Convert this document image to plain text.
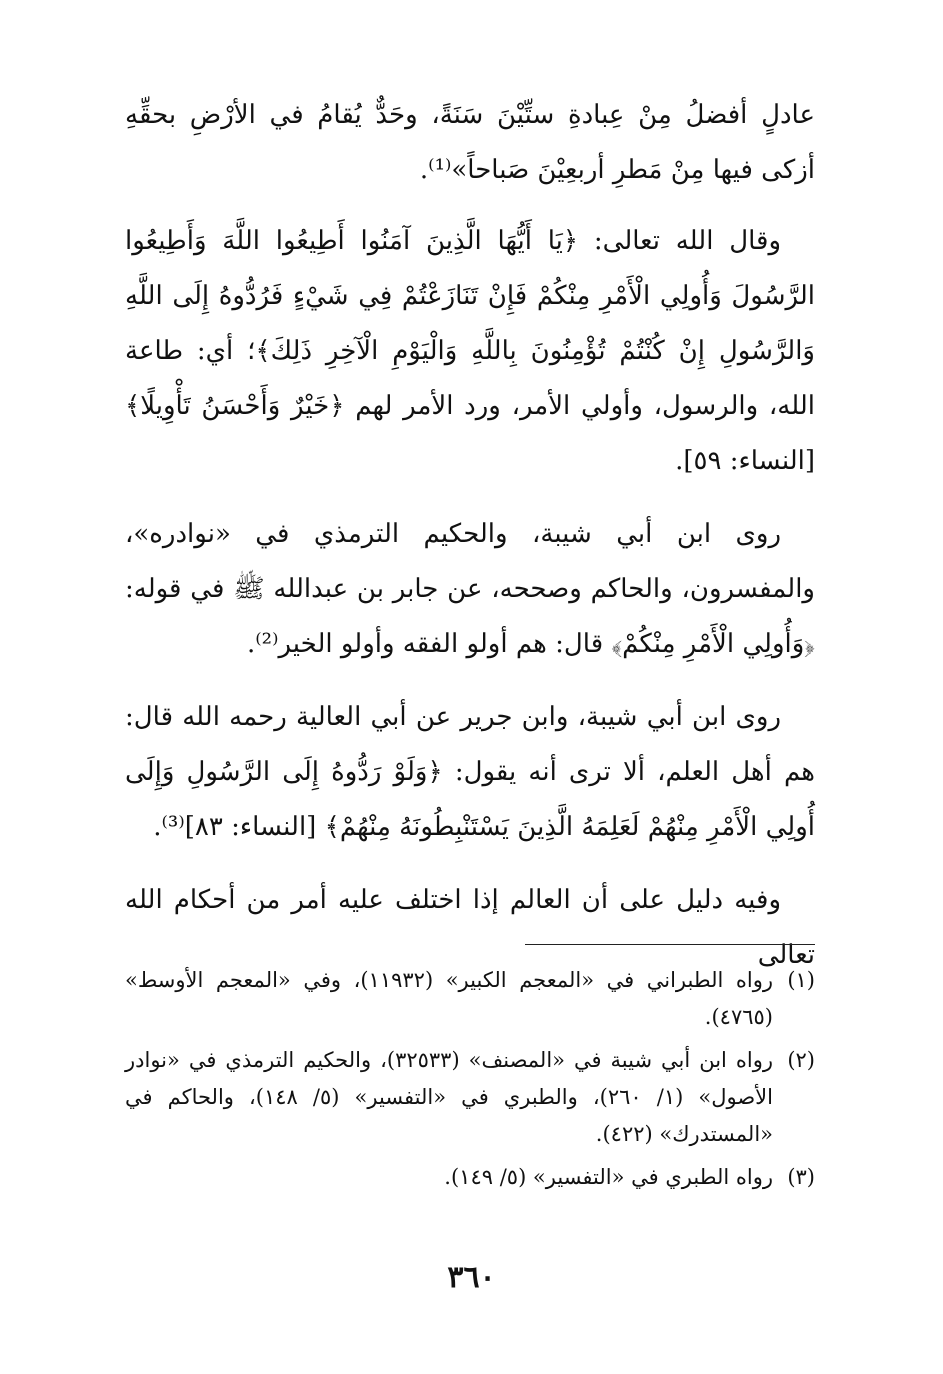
عادلٍ أفضلُ مِنْ عِبادةِ ستِّيْنَ سَنَةً، وحَدٌّ يُقامُ في الأرْضِ بحقِّهِ أزكى فيها مِنْ مَطرِ أربعِيْنَ صَباحاً»⁽¹⁾.

وقال الله تعالى: ﴿يَا أَيُّهَا الَّذِينَ آمَنُوا أَطِيعُوا اللَّهَ وَأَطِيعُوا الرَّسُولَ وَأُولِي الْأَمْرِ مِنْكُمْ فَإِنْ تَنَازَعْتُمْ فِي شَيْءٍ فَرُدُّوهُ إِلَى اللَّهِ وَالرَّسُولِ إِنْ كُنْتُمْ تُؤْمِنُونَ بِاللَّهِ وَالْيَوْمِ الْآخِرِ ذَلِكَ﴾؛ أي: طاعة الله، والرسول، وأولي الأمر، ورد الأمر لهم ﴿خَيْرٌ وَأَحْسَنُ تَأْوِيلًا﴾ [النساء: ٥٩].

روى ابن أبي شيبة، والحكيم الترمذي في «نوادره»، والمفسرون، والحاكم وصححه، عن جابر بن عبدالله ﷺ في قوله: ﴿وَأُولِي الْأَمْرِ مِنْكُمْ﴾ قال: هم أولو الفقه وأولو الخير⁽²⁾.

روى ابن أبي شيبة، وابن جرير عن أبي العالية رحمه الله قال: هم أهل العلم، ألا ترى أنه يقول: ﴿وَلَوْ رَدُّوهُ إِلَى الرَّسُولِ وَإِلَى أُولِي الْأَمْرِ مِنْهُمْ لَعَلِمَهُ الَّذِينَ يَسْتَنْبِطُونَهُ مِنْهُمْ﴾ [النساء: ٨٣]⁽³⁾.

وفيه دليل على أن العالم إذا اختلف عليه أمر من أحكام الله تعالى

(١)
رواه الطبراني في «المعجم الكبير» (١١٩٣٢)، وفي «المعجم الأوسط» (٤٧٦٥).
(٢)
رواه ابن أبي شيبة في «المصنف» (٣٢٥٣٣)، والحكيم الترمذي في «نوادر الأصول» (١/ ٢٦٠)، والطبري في «التفسير» (٥/ ١٤٨)، والحاكم في «المستدرك» (٤٢٢).
(٣)
رواه الطبري في «التفسير» (٥/ ١٤٩).
٣٦٠
